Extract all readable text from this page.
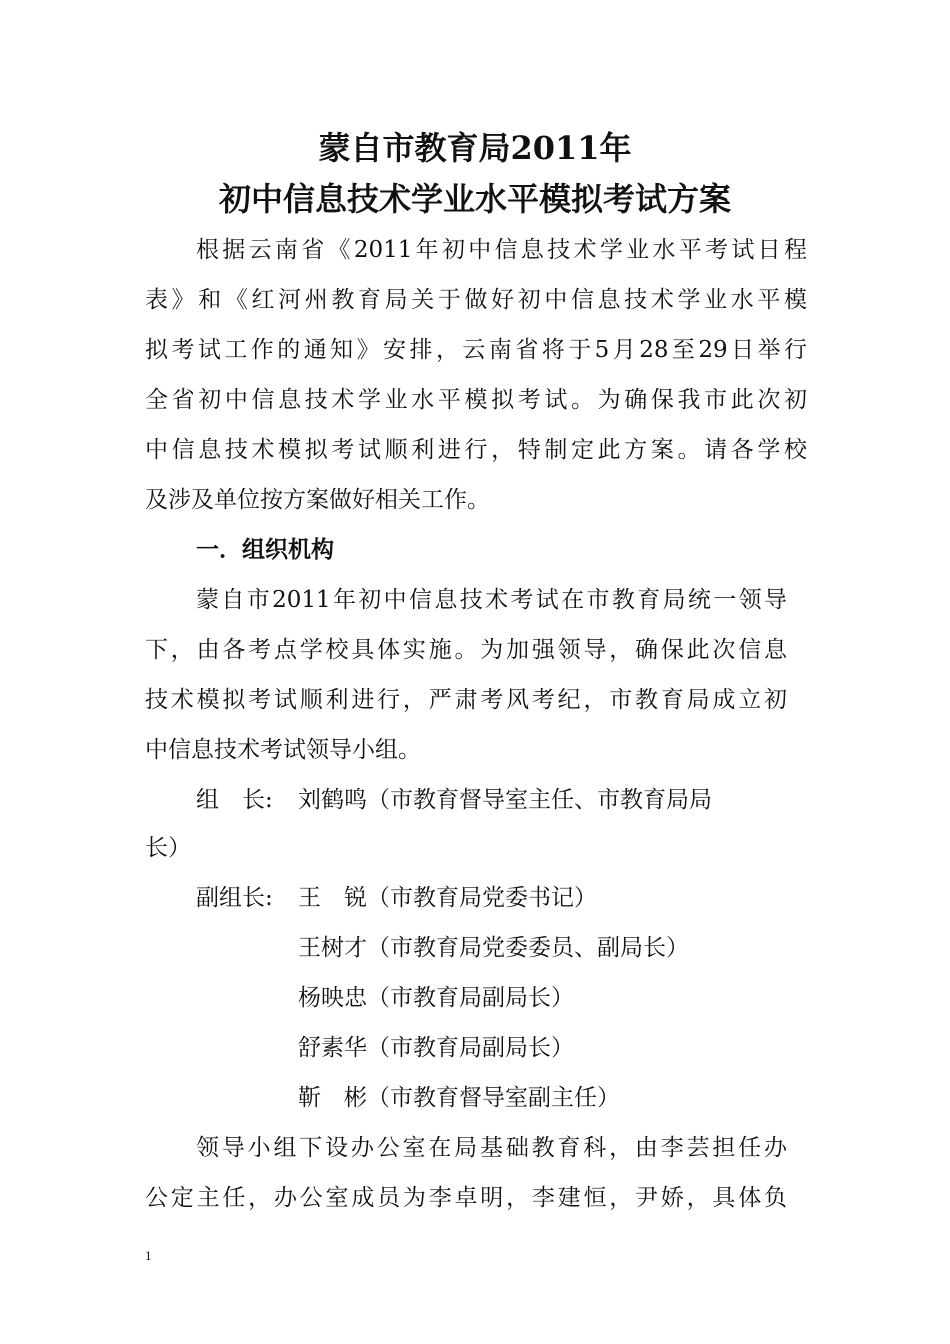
蒙自市教育局2011年
初中信息技术学业水平模拟考试方案
根据云南省《2011年初中信息技术学业水平考试日程
表》和《红河州教育局关于做好初中信息技术学业水平模
拟考试工作的通知》安排，云南省将于5月28至29日举行
全省初中信息技术学业水平模拟考试。为确保我市此次初
中信息技术模拟考试顺利进行，特制定此方案。请各学校
及涉及单位按方案做好相关工作。
一．组织机构
蒙自市2011年初中信息技术考试在市教育局统一领导
下，由各考点学校具体实施。为加强领导，确保此次信息
技术模拟考试顺利进行，严肃考风考纪，市教育局成立初
中信息技术考试领导小组。
组　长: 刘鹤鸣（市教育督导室主任、市教育局局
长）
副组长: 王　锐（市教育局党委书记）
王树才（市教育局党委委员、副局长）
杨映忠（市教育局副局长）
舒素华（市教育局副局长）
靳　彬（市教育督导室副主任）
领导小组下设办公室在局基础教育科，由李芸担任办
公定主任，办公室成员为李卓明，李建恒，尹娇，具体负
1
